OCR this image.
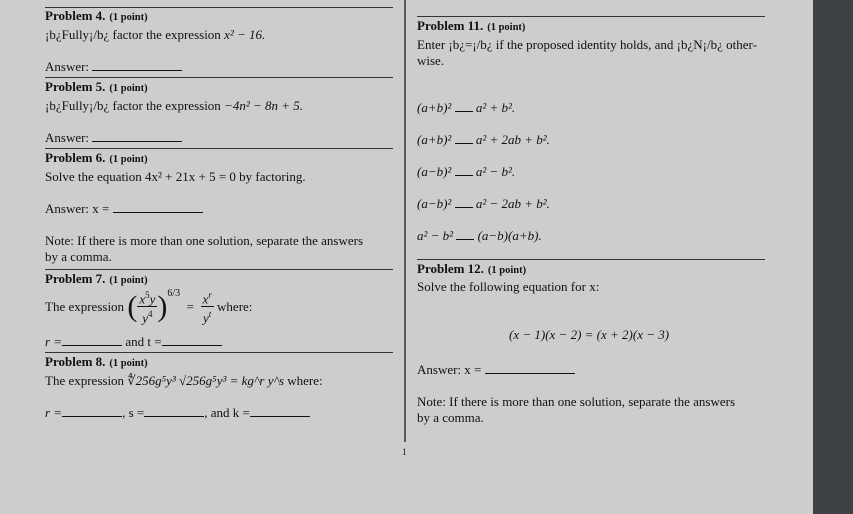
Problem 4. (1 point)
¡b¿Fully¡/b¿ factor the expression x² − 16.
Answer:
Problem 5. (1 point)
¡b¿Fully¡/b¿ factor the expression −4n² − 8n + 5.
Answer:
Problem 6. (1 point)
Solve the equation 4x² + 21x + 5 = 0 by factoring.
Answer: x =
Note: If there is more than one solution, separate the answers
by a comma.
Problem 7. (1 point)
The expression ( $\frac{x^5y}{y^4} )^{6/3} = \frac{x^r}{y^t}$ where:
r =	and t =
Problem 8. (1 point)
The expression ∜256g⁵y³ √256g⁵y³ = kg^r y^s where:
r =	, s =	, and k =
Problem 11. (1 point)
Enter ¡b¿=¡/b¿ if the proposed identity holds, and ¡b¿N¡/b¿ other-
wise.
(a+b)² a² + b².
(a+b)² a² + 2ab + b².
(a−b)² a² − b².
(a−b)² a² − 2ab + b².
a² − b² (a−b)(a+b).
Problem 12. (1 point)
Solve the following equation for x:
(x − 1)(x − 2) = (x + 2)(x − 3)
Answer: x =
Note: If there is more than one solution, separate the answers
by a comma.
1
